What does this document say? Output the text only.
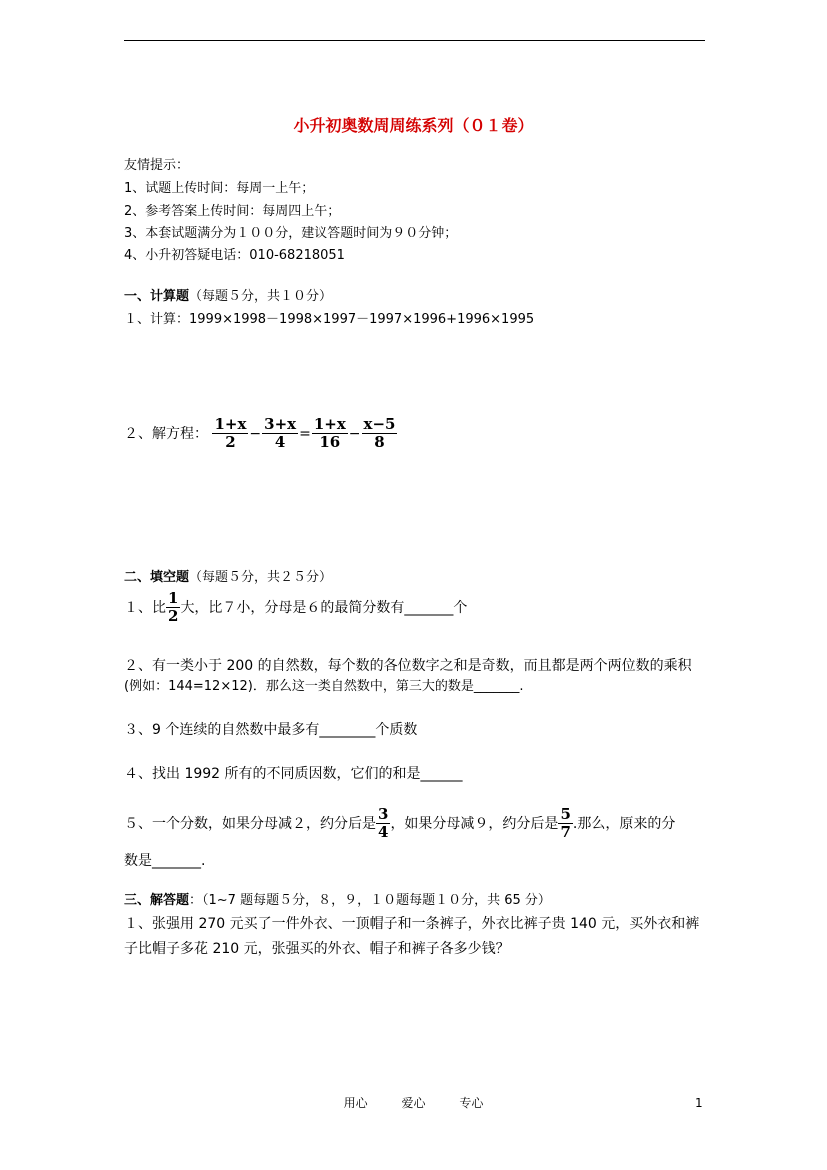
小升初奥数周周练系列（０１卷）
友情提示：
1、试题上传时间：每周一上午；
2、参考答案上传时间：每周四上午；
3、本套试题满分为１００分，建议答题时间为９０分钟；
4、小升初答疑电话：010-68218051
一、计算题（每题５分，共１０分）
１、计算：1999×1998－1998×1997－1997×1996+1996×1995
２、解方程： $\frac{1+x}{2} - \frac{3+x}{4} = \frac{1+x}{16} - \frac{x-5}{8}$
二、填空题（每题５分，共２５分）
１、比 $\frac{1}{2}$ 大，比７小，分母是６的最简分数有_______个
２、有一类小于 200 的自然数，每个数的各位数字之和是奇数，而且都是两个两位数的乘积
(例如：144=12×12)．那么这一类自然数中，第三大的数是_______.
３、9 个连续的自然数中最多有________个质数
４、找出 1992 所有的不同质因数，它们的和是______
５、一个分数，如果分母减２，约分后是 $\frac{3}{4}$ ，如果分母减９，约分后是 $\frac{5}{7}$ .那么，原来的分
数是_______.
三、解答题：（1~7 题每题５分，８，９，１０题每题１０分，共 65 分）
１、张强用 270 元买了一件外衣、一顶帽子和一条裤子，外衣比裤子贵 140 元，买外衣和裤
子比帽子多花 210 元，张强买的外衣、帽子和裤子各多少钱？
用心	爱心	专心	1
